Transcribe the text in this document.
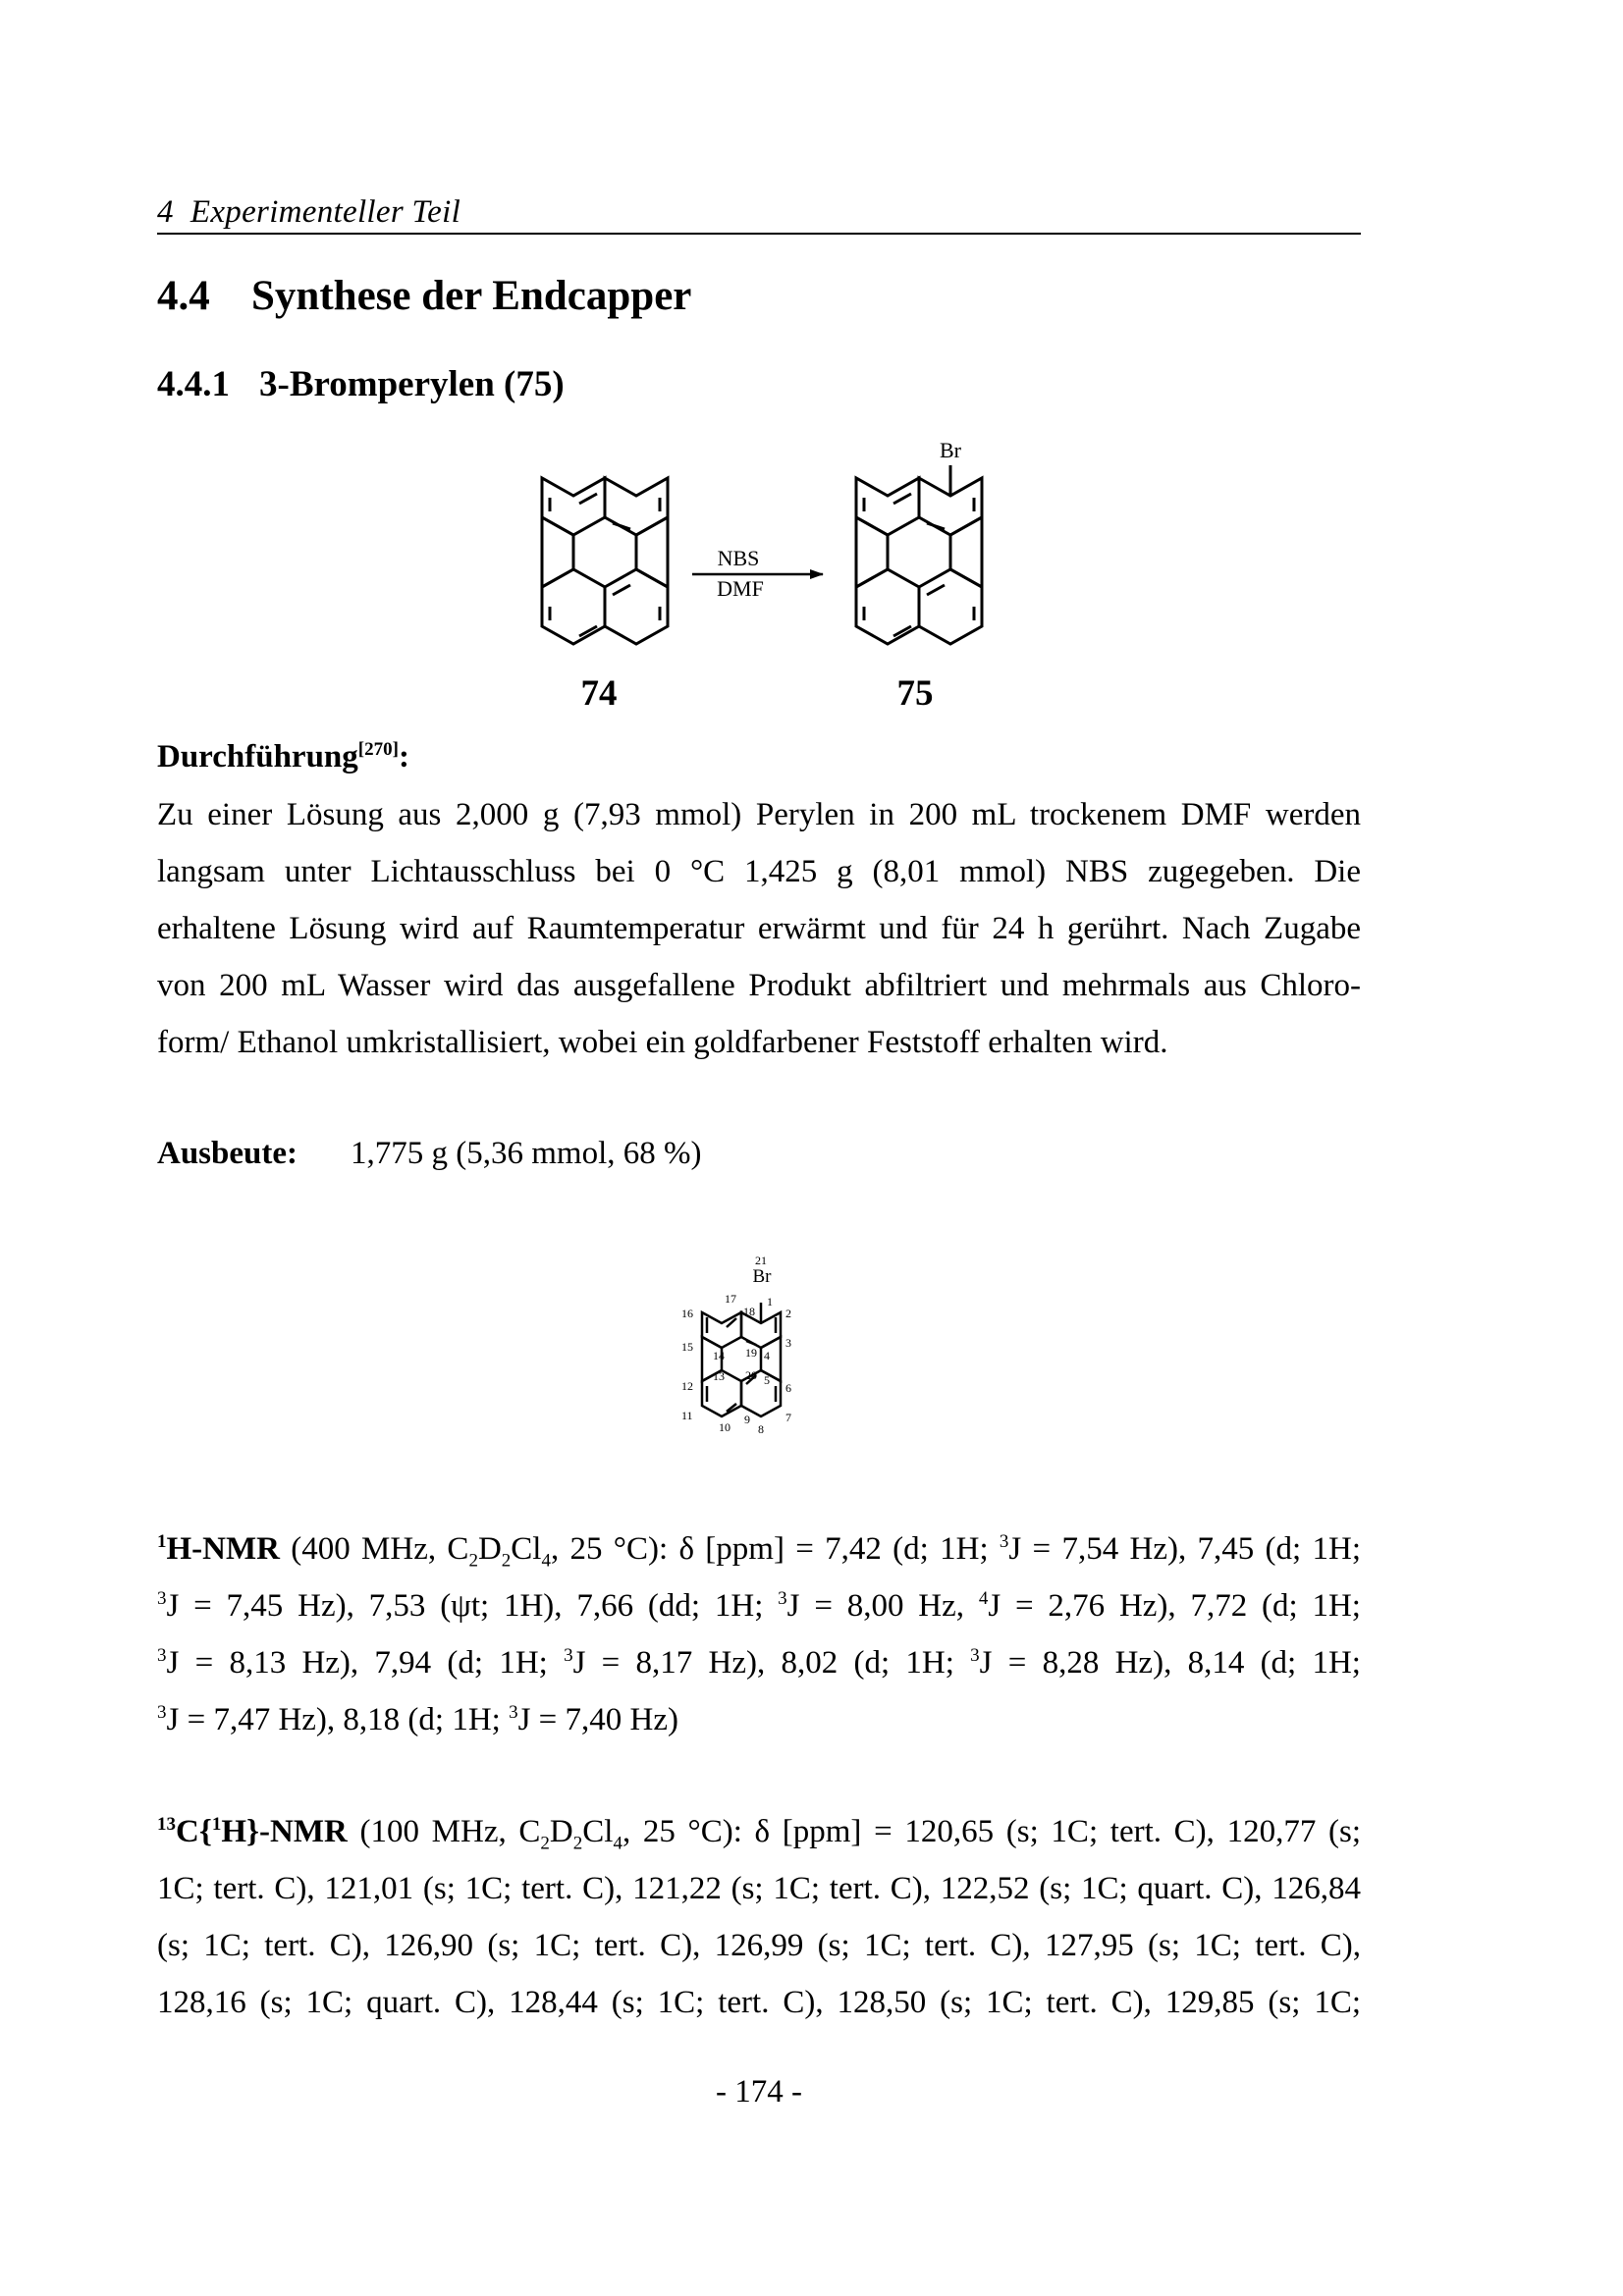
4  Experimenteller Teil
4.4 Synthese der Endcapper
4.4.1 3-Bromperylen (75)
74
NBS
DMF
Br
75
Durchführung[270]:
Zu einer Lösung aus 2,000 g (7,93 mmol) Perylen in 200 mL trockenem DMF werden
langsam unter Lichtausschluss bei 0 °C 1,425 g (8,01 mmol) NBS zugegeben. Die
erhaltene Lösung wird auf Raumtemperatur erwärmt und für 24 h gerührt. Nach Zugabe
von 200 mL Wasser wird das ausgefallene Produkt abfiltriert und mehrmals aus Chloro-
form/ Ethanol umkristallisiert, wobei ein goldfarbener Feststoff erhalten wird.
Ausbeute: 1,775 g (5,36 mmol, 68 %)
1
2
3
4
5
6
7
8
9
10
11
12
13
14
15
16
17
18
19
20
21
Br
$^1$H-NMR (400 MHz, $C_2D_2Cl_4$, 25 °C): δ [ppm] = 7,42 (d; 1H; $^3$J = 7,54 Hz), 7,45 (d; 1H;
$^3$J = 7,45 Hz), 7,53 (ψt; 1H), 7,66 (dd; 1H; $^3$J = 8,00 Hz, $^4$J = 2,76 Hz), 7,72 (d; 1H;
$^3$J = 8,13 Hz), 7,94 (d; 1H; $^3$J = 8,17 Hz), 8,02 (d; 1H; $^3$J = 8,28 Hz), 8,14 (d; 1H;
$^3$J = 7,47 Hz), 8,18 (d; 1H; $^3$J = 7,40 Hz)
$^{13}$C{$^1$H}-NMR (100 MHz, $C_2D_2Cl_4$, 25 °C): δ [ppm] = 120,65 (s; 1C; tert. C), 120,77 (s;
1C; tert. C), 121,01 (s; 1C; tert. C), 121,22 (s; 1C; tert. C), 122,52 (s; 1C; quart. C), 126,84
(s; 1C; tert. C), 126,90 (s; 1C; tert. C), 126,99 (s; 1C; tert. C), 127,95 (s; 1C; tert. C),
128,16 (s; 1C; quart. C), 128,44 (s; 1C; tert. C), 128,50 (s; 1C; tert. C), 129,85 (s; 1C;
- 174 -
